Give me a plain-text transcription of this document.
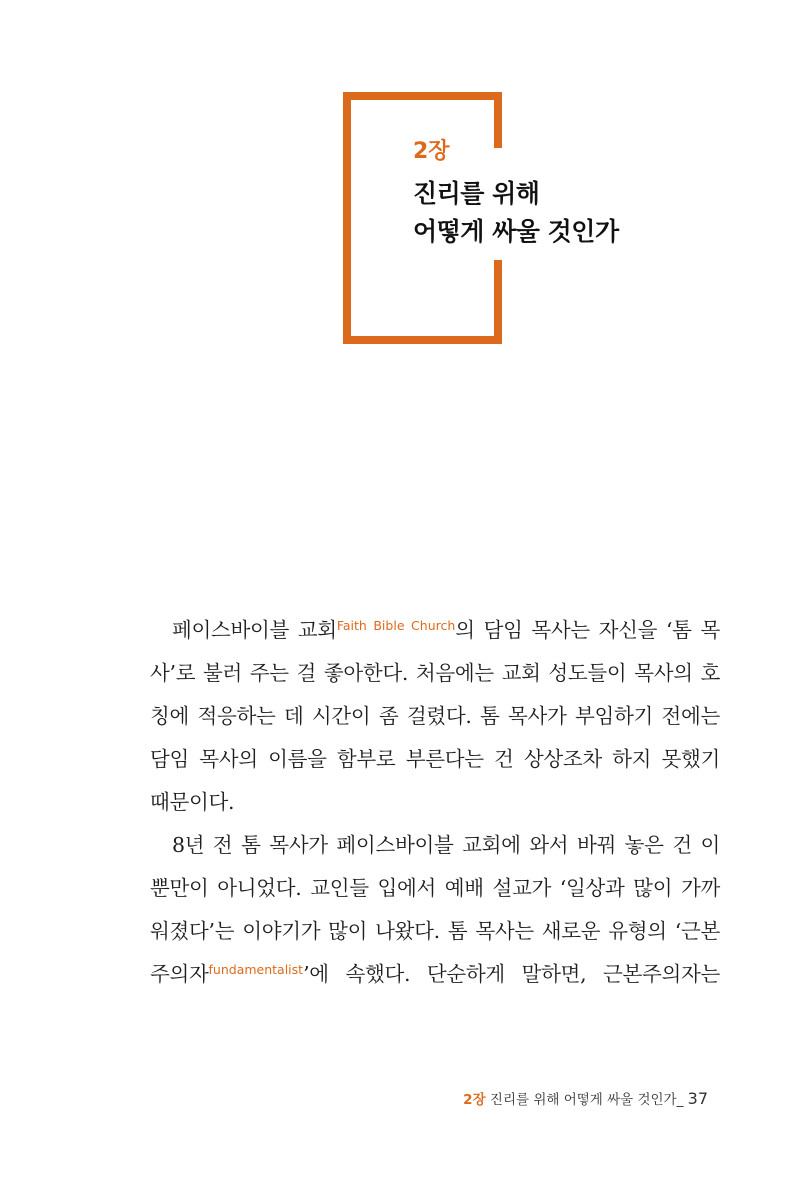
2장
진리를 위해
어떻게 싸울 것인가
페이스바이블 교회$^{Faith Bible Church}$의 담임 목사는 자신을 ‘톰 목
사’로 불러 주는 걸 좋아한다. 처음에는 교회 성도들이 목사의 호
칭에 적응하는 데 시간이 좀 걸렸다. 톰 목사가 부임하기 전에는
담임 목사의 이름을 함부로 부른다는 건 상상조차 하지 못했기
때문이다.
8년 전 톰 목사가 페이스바이블 교회에 와서 바꿔 놓은 건 이
뿐만이 아니었다. 교인들 입에서 예배 설교가 ‘일상과 많이 가까
워졌다’는 이야기가 많이 나왔다. 톰 목사는 새로운 유형의 ‘근본
주의자$^{fundamentalist}$’에 속했다. 단순하게 말하면, 근본주의자는
2장 진리를 위해 어떻게 싸울 것인가_ 37
